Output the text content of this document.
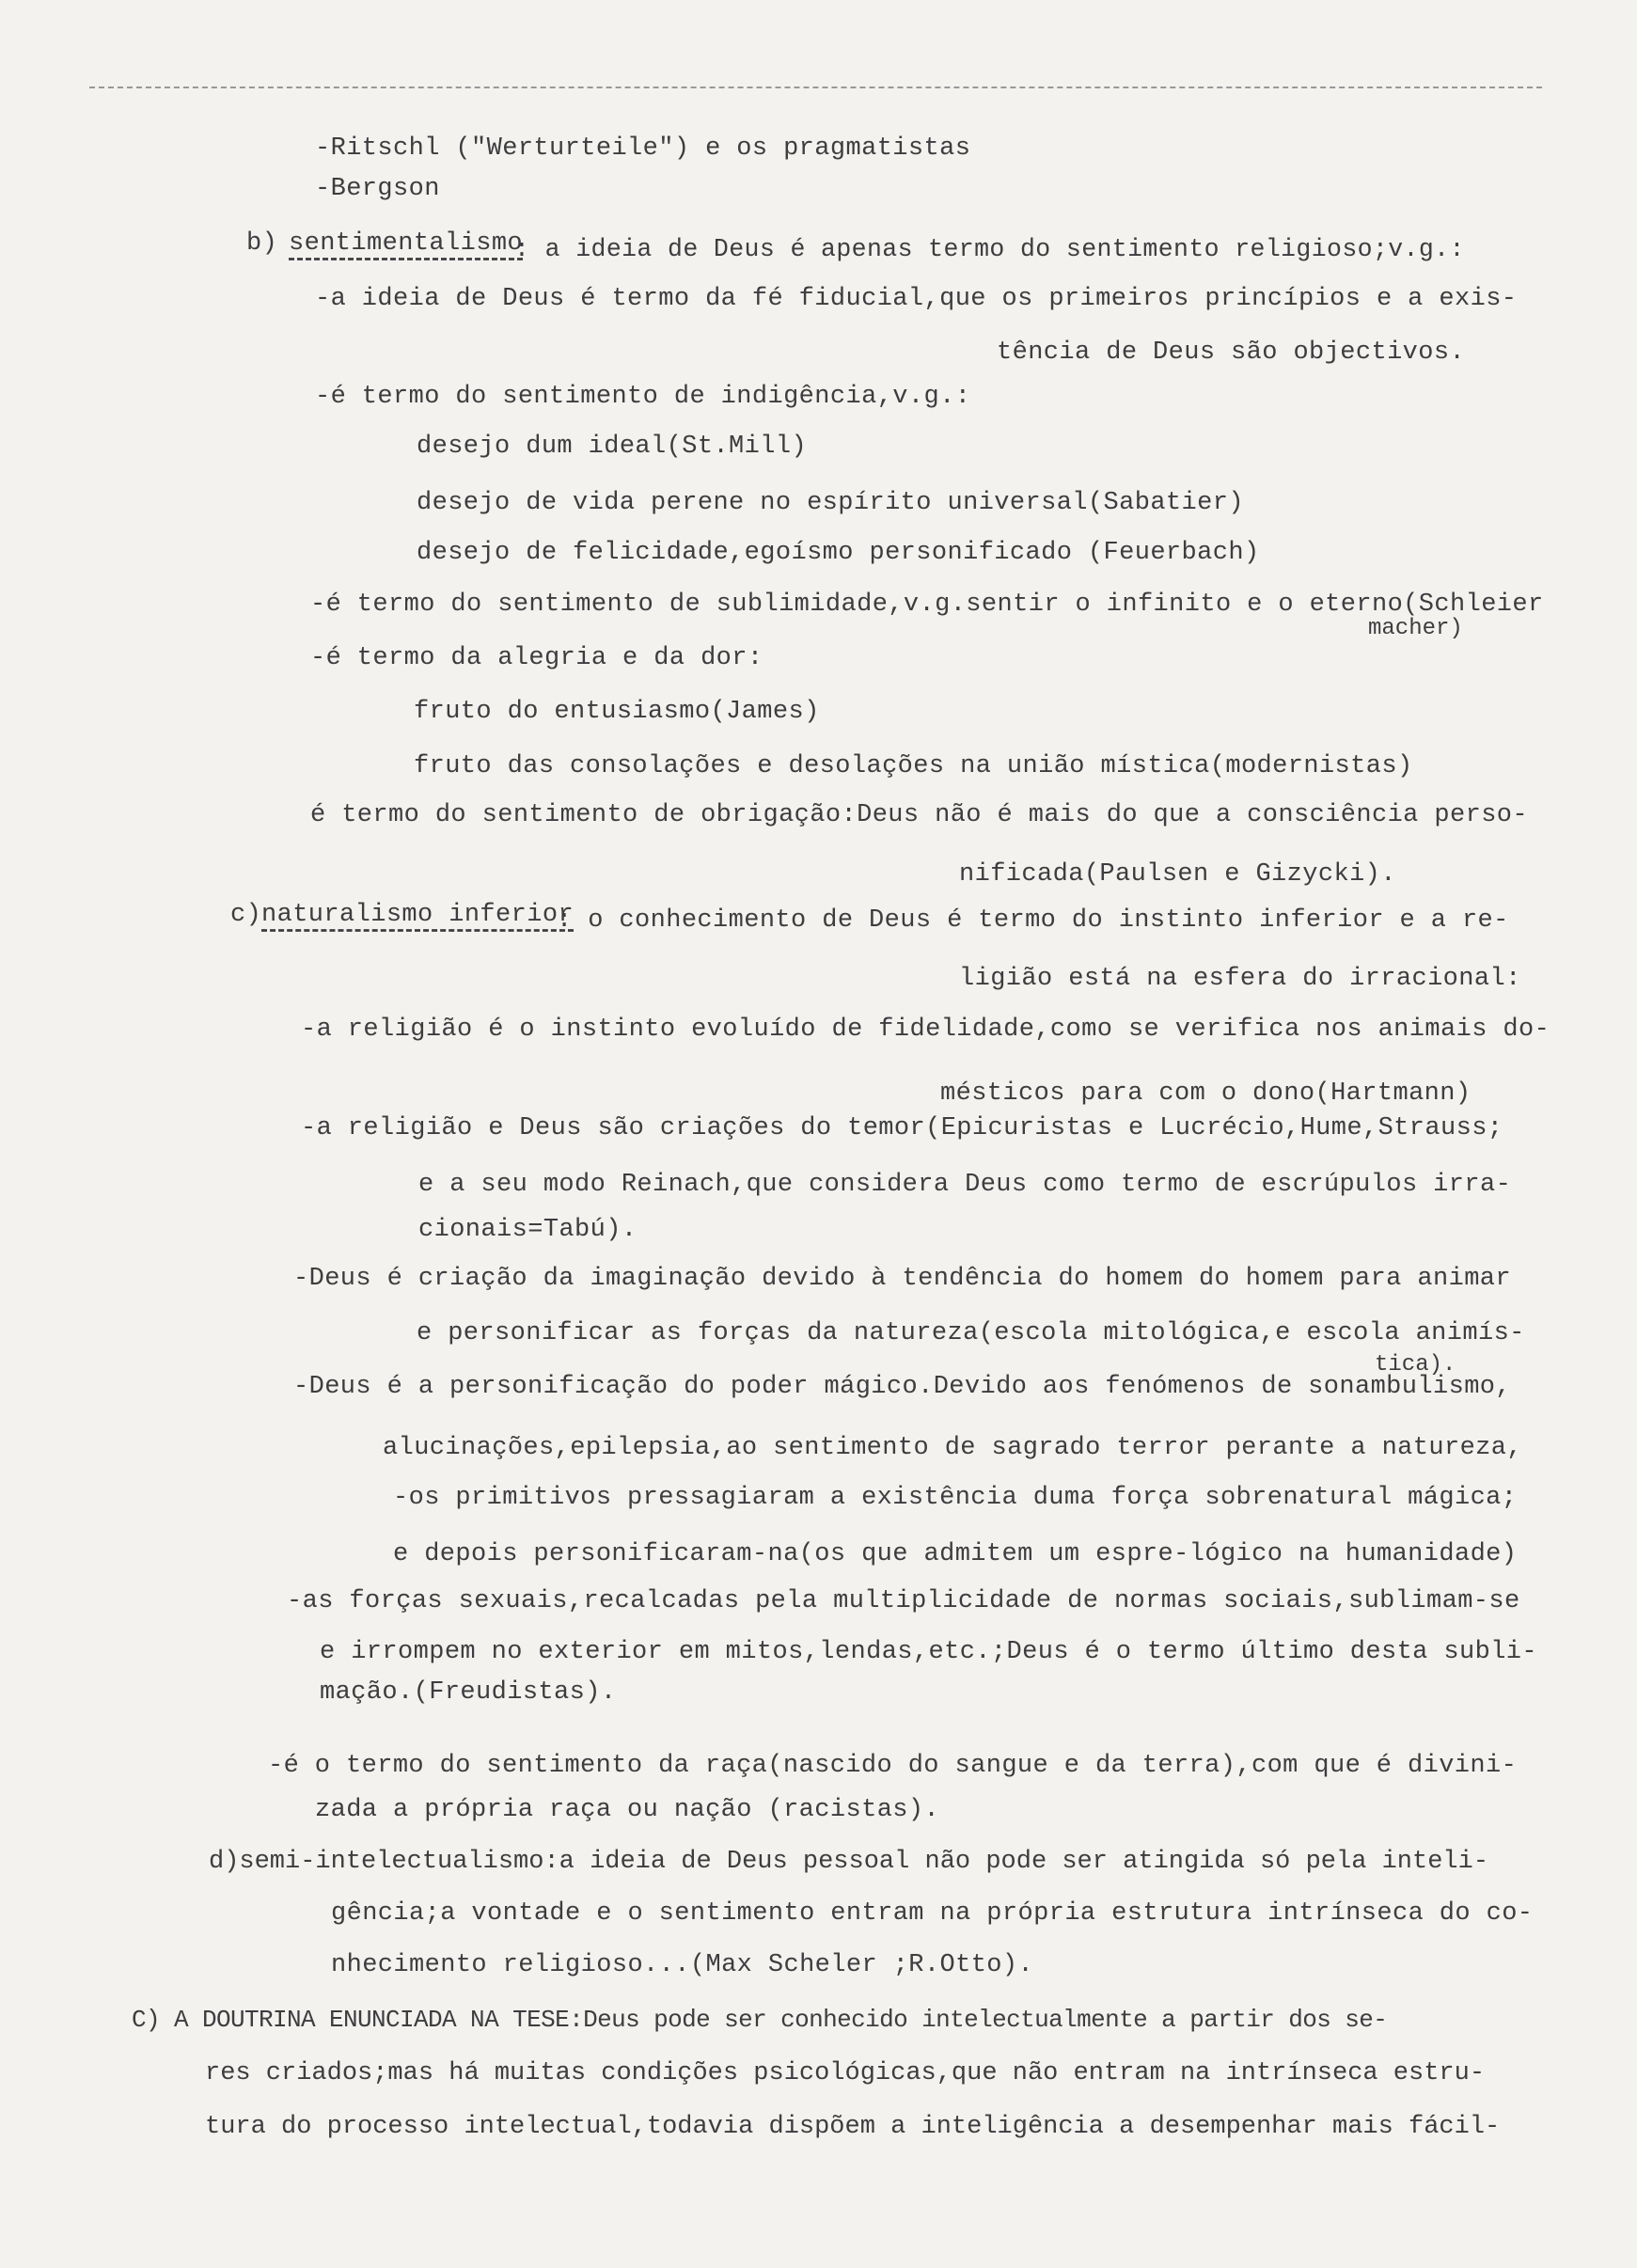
-Ritschl ("Werturteile") e os pragmatistas
-Bergson
b) sentimentalismo
: a ideia de Deus é apenas termo do sentimento religioso;v.g.:
-a ideia de Deus é termo da fé fiducial,que os primeiros princípios e a exis-
tência de Deus são objectivos.
-é termo do sentimento de indigência,v.g.:
desejo dum ideal(St.Mill)
desejo de vida perene no espírito universal(Sabatier)
desejo de felicidade,egoísmo personificado (Feuerbach)
-é termo do sentimento de sublimidade,v.g.sentir o infinito e o eterno(Schleier
macher)
-é termo da alegria e da dor:
fruto do entusiasmo(James)
fruto das consolações e desolações na união mística(modernistas)
é termo do sentimento de obrigação:Deus não é mais do que a consciência perso-
nificada(Paulsen e Gizycki).
c) naturalismo inferior
: o conhecimento de Deus é termo do instinto inferior e a re-
ligião está na esfera do irracional:
-a religião é o instinto evoluído de fidelidade,como se verifica nos animais do-
mésticos para com o dono(Hartmann)
-a religião e Deus são criações do temor(Epicuristas e Lucrécio,Hume,Strauss;
e a seu modo Reinach,que considera Deus como termo de escrúpulos irra-
cionais=Tabú).
-Deus é criação da imaginação devido à tendência do homem do homem para animar
e personificar as forças da natureza(escola mitológica,e escola animís-
tica).
-Deus é a personificação do poder mágico.Devido aos fenómenos de sonambulismo,
alucinações,epilepsia,ao sentimento de sagrado terror perante a natureza,
-os primitivos pressagiaram a existência duma força sobrenatural mágica;
e depois personificaram-na(os que admitem um espre-lógico na humanidade)
-as forças sexuais,recalcadas pela multiplicidade de normas sociais,sublimam-se
e irrompem no exterior em mitos,lendas,etc.;Deus é o termo último desta subli-
mação.(Freudistas).
-é o termo do sentimento da raça(nascido do sangue e da terra),com que é divini-
zada a própria raça ou nação (racistas).
d)semi-intelectualismo:a ideia de Deus pessoal não pode ser atingida só pela inteli-
gência;a vontade e o sentimento entram na própria estrutura intrínseca do co-
nhecimento religioso...(Max Scheler ;R.Otto).
C) A DOUTRINA ENUNCIADA NA TESE:Deus pode ser conhecido intelectualmente a partir dos se-
res criados;mas há muitas condições psicológicas,que não entram na intrínseca estru-
tura do processo intelectual,todavia dispõem a inteligência a desempenhar mais fácil-
